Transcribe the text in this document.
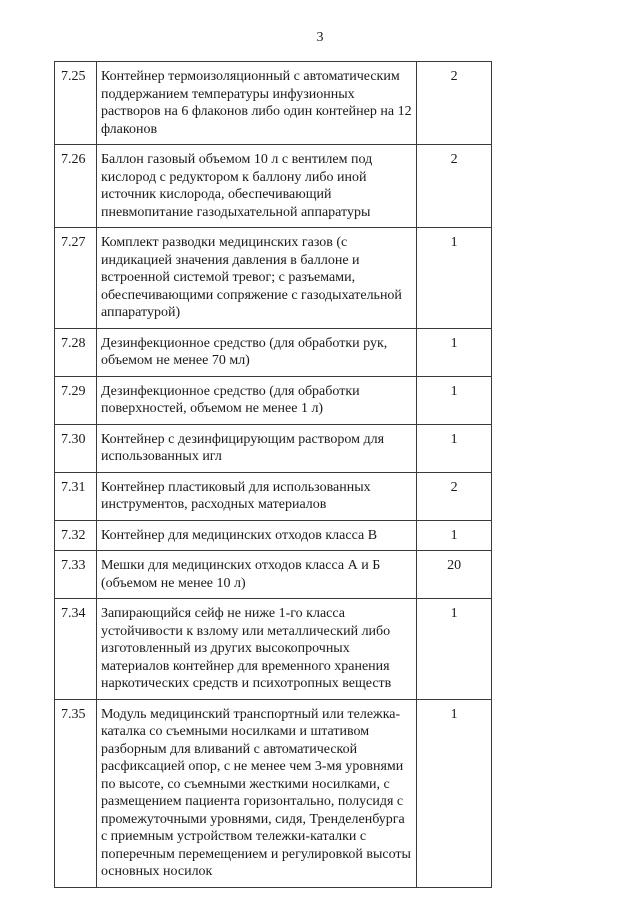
3
7.25	Контейнер термоизоляционный с автоматическим поддержанием температуры инфузионных растворов на 6 флаконов либо один контейнер на 12 флаконов	2
7.26	Баллон газовый объемом 10 л с вентилем под кислород с редуктором к баллону либо иной источник кислорода, обеспечивающий пневмопитание газодыхательной аппаратуры	2
7.27	Комплект разводки медицинских газов (с индикацией значения давления в баллоне и встроенной системой тревог; с разъемами, обеспечивающими сопряжение с газодыхательной аппаратурой)	1
7.28	Дезинфекционное средство (для обработки рук, объемом не менее 70 мл)	1
7.29	Дезинфекционное средство (для обработки поверхностей, объемом не менее 1 л)	1
7.30	Контейнер с дезинфицирующим раствором для использованных игл	1
7.31	Контейнер пластиковый для использованных инструментов, расходных материалов	2
7.32	Контейнер для медицинских отходов класса В	1
7.33	Мешки для медицинских отходов класса А и Б (объемом не менее 10 л)	20
7.34	Запирающийся сейф не ниже 1-го класса устойчивости к взлому или металлический либо изготовленный из других высокопрочных материалов контейнер для временного хранения наркотических средств и психотропных веществ	1
7.35	Модуль медицинский транспортный или тележка-каталка со съемными носилками и штативом разборным для вливаний с автоматической расфиксацией опор, с не менее чем 3-мя уровнями по высоте, со съемными жесткими носилками, с размещением пациента горизонтально, полусидя с промежуточными уровнями, сидя, Тренделенбурга с приемным устройством тележки-каталки с поперечным перемещением и регулировкой высоты основных носилок	1
